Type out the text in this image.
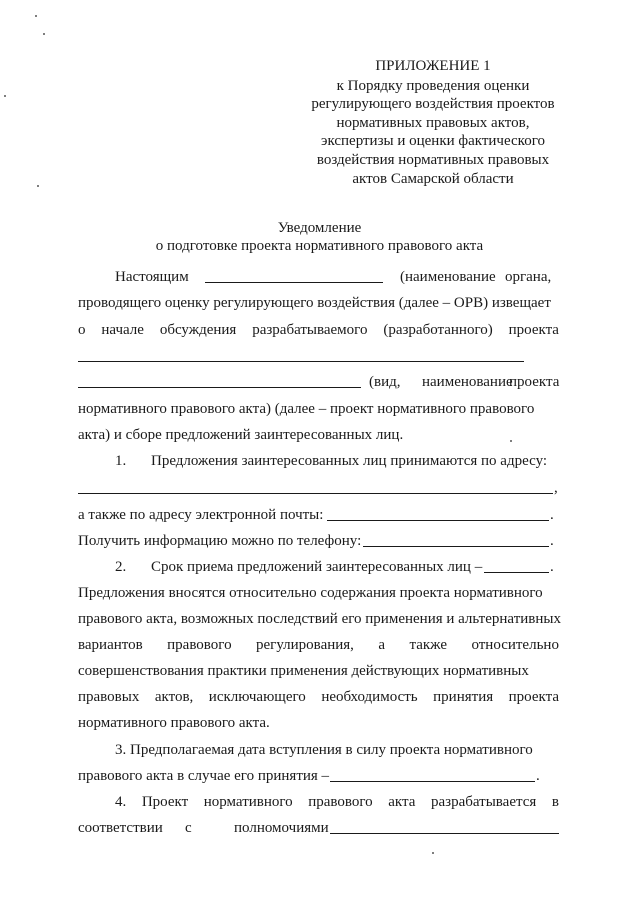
ПРИЛОЖЕНИЕ 1
к Порядку проведения оценки
регулирующего воздействия проектов
нормативных правовых актов,
экспертизы и оценки фактического
воздействия нормативных правовых
актов Самарской области
Уведомление
о подготовке проекта нормативного правового акта
Настоящим	(наименование органа,
проводящего оценку регулирующего воздействия (далее – ОРВ) извещает
о начале обсуждения разрабатываемого (разработанного) проекта
(вид, наименование
проекта
нормативного правового акта) (далее – проект нормативного правового
акта) и сборе предложений заинтересованных лиц.
1. Предложения заинтересованных лиц принимаются по адресу:
,
а также по адресу электронной почты:	.
Получить информацию можно по телефону:	.
2. Срок приема предложений заинтересованных лиц –	.
Предложения вносятся относительно содержания проекта нормативного
правового акта, возможных последствий его применения и альтернативных
вариантов правового регулирования, а также относительно
совершенствования практики применения действующих нормативных
правовых актов, исключающего необходимость принятия проекта
нормативного правового акта.
3. Предполагаемая дата вступления в силу проекта нормативного
правового акта в случае его принятия –	.
4. Проект нормативного правового акта разрабатывается в
соответствии с	полномочиями
